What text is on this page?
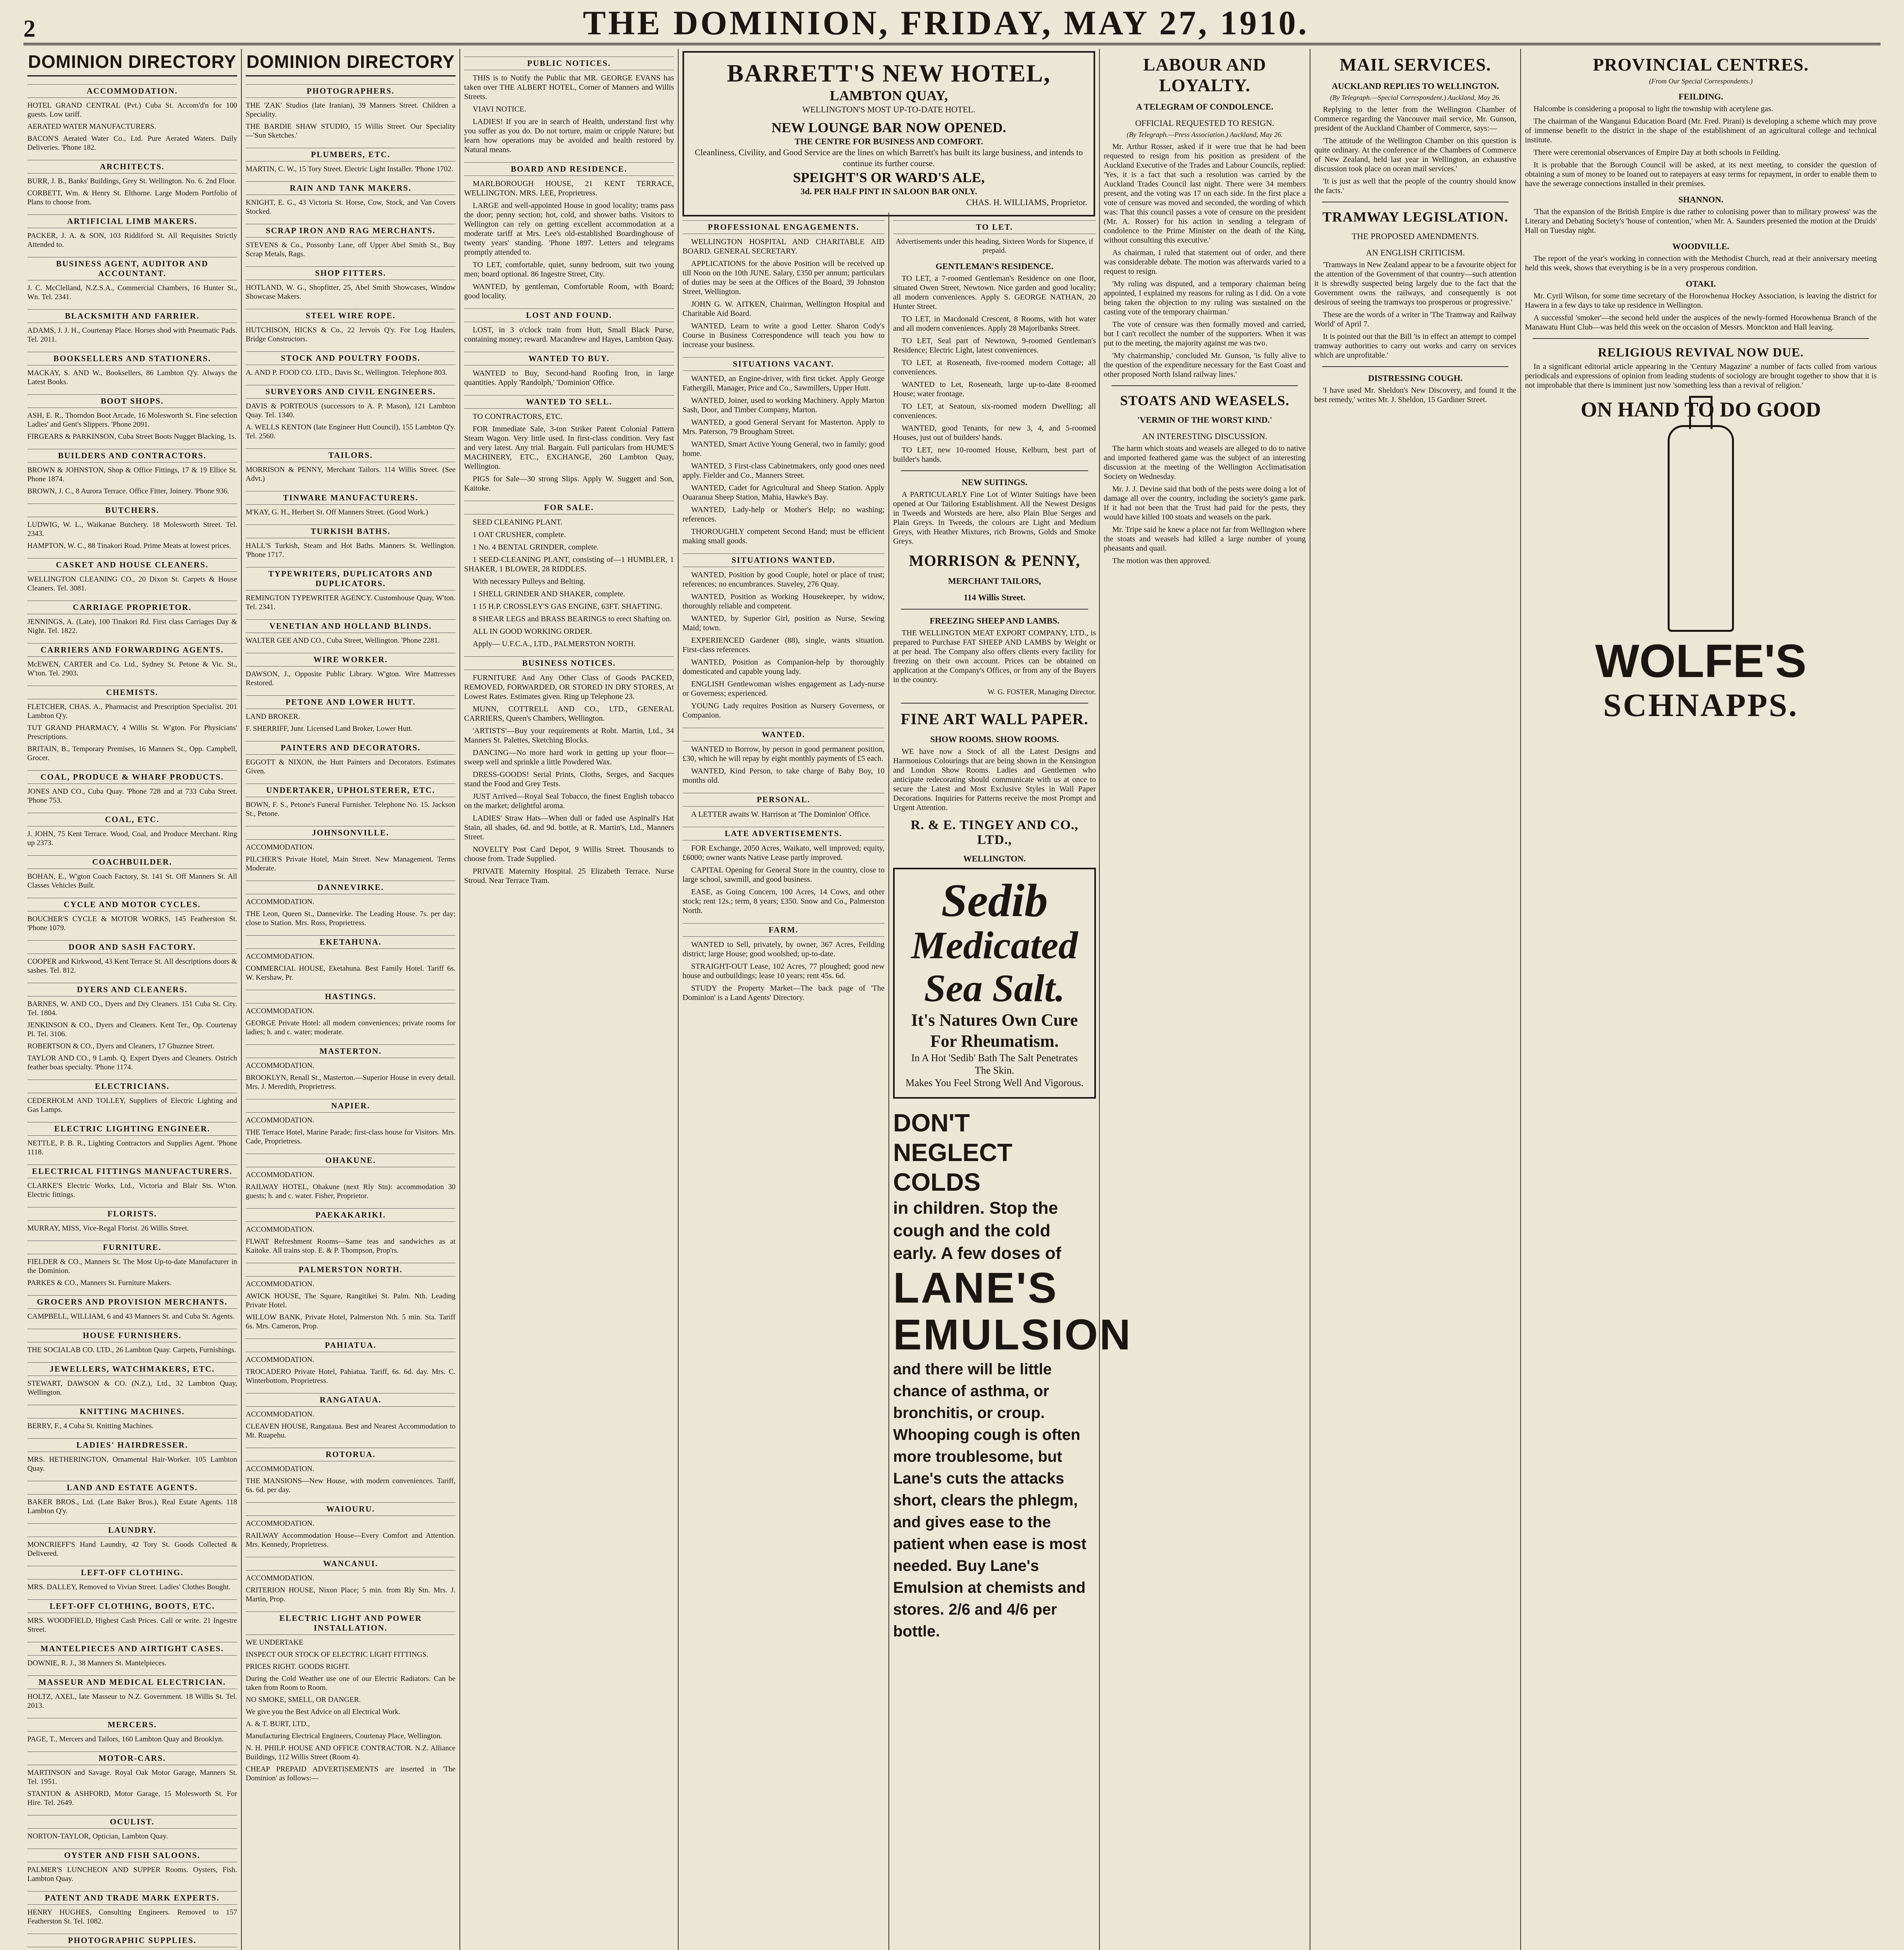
2	THE DOMINION, FRIDAY, MAY 27, 1910.
DOMINION DIRECTORY
ACCOMMODATION.
HOTEL GRAND CENTRAL (Pvt.) Cuba St. Accom'd'n for 100 guests. Low tariff.
AERATED WATER MANUFACTURERS.
BACON'S Aerated Water Co., Ltd. Pure Aerated Waters. Daily Deliveries. 'Phone 182.
ARCHITECTS.
BURR, J. B., Banks' Buildings, Grey St. Wellington. No. 6. 2nd Floor.
CORBETT, Wm. & Henry St. Elthorne. Large Modern Portfolio of Plans to choose from.
ARTIFICIAL LIMB MAKERS.
PACKER, J. A. & SON, 103 Riddiford St. All Requisites Strictly Attended to.
BUSINESS AGENT, AUDITOR AND ACCOUNTANT.
J. C. McClelland, N.Z.S.A., Commercial Chambers, 16 Hunter St., Wn. Tel. 2341.
BLACKSMITH AND FARRIER.
ADAMS, J. J. H., Courtenay Place. Horses shod with Pneumatic Pads. Tel. 2011.
BOOKSELLERS AND STATIONERS.
MACKAY, S. AND W., Booksellers, 86 Lambton Q'y. Always the Latest Books.
BOOT SHOPS.
ASH, E. R., Thorndon Boot Arcade, 16 Molesworth St. Fine selection Ladies' and Gent's Slippers. 'Phone 2091.
FIRGEARS & PARKINSON, Cuba Street Boots Nugget Blacking, 1s.
BUILDERS AND CONTRACTORS.
BROWN & JOHNSTON, Shop & Office Fittings, 17 & 19 Ellice St. Phone 1874.
BROWN, J. C., 8 Aurora Terrace. Office Fitter, Joinery. 'Phone 936.
BUTCHERS.
LUDWIG, W. L., Waikanae Butchery. 18 Molesworth Street. Tel. 2343.
HAMPTON, W. C., 88 Tinakori Road. Prime Meats at lowest prices.
CASKET AND HOUSE CLEANERS.
WELLINGTON CLEANING CO., 20 Dixon St. Carpets & House Cleaners. Tel. 3081.
CARRIAGE PROPRIETOR.
JENNINGS, A. (Late), 100 Tinakori Rd. First class Carriages Day & Night. Tel. 1822.
CARRIERS AND FORWARDING AGENTS.
McEWEN, CARTER and Co. Ltd., Sydney St. Petone & Vic. St., W'ton. Tel. 2903.
CHEMISTS.
FLETCHER, CHAS. A., Pharmacist and Prescription Specialist. 201 Lambton Q'y.
TUT GRAND PHARMACY, 4 Willis St. W'gton. For Physicians' Prescriptions.
BRITAIN, B., Temporary Premises, 16 Manners St., Opp. Campbell, Grocer.
COAL, PRODUCE & WHARF PRODUCTS.
JONES AND CO., Cuba Quay. 'Phone 728 and at 733 Cuba Street. 'Phone 753.
COAL, ETC.
J. JOHN, 75 Kent Terrace. Wood, Coal, and Produce Merchant. Ring up 2373.
COACHBUILDER.
BOHAN, E., W'gton Coach Factory, St. 141 St. Off Manners St. All Classes Vehicles Built.
CYCLE AND MOTOR CYCLES.
BOUCHER'S CYCLE & MOTOR WORKS, 145 Featherston St. 'Phone 1079.
DOOR AND SASH FACTORY.
COOPER and Kirkwood, 43 Kent Terrace St. All descriptions doors & sashes. Tel. 812.
DYERS AND CLEANERS.
BARNES, W. AND CO., Dyers and Dry Cleaners. 151 Cuba St. City. Tel. 1804.
JENKINSON & CO., Dyers and Cleaners. Kent Ter., Op. Courtenay Pl. Tel. 3106.
ROBERTSON & CO., Dyers and Cleaners, 17 Ghuznee Street.
TAYLOR AND CO., 9 Lamb. Q. Expert Dyers and Cleaners. Ostrich feather boas specialty. 'Phone 1174.
ELECTRICIANS.
CEDERHOLM AND TOLLEY, Suppliers of Electric Lighting and Gas Lamps.
ELECTRIC LIGHTING ENGINEER.
NETTLE, P. B. R., Lighting Contractors and Supplies Agent. 'Phone 1118.
ELECTRICAL FITTINGS MANUFACTURERS.
CLARKE'S Electric Works, Ltd., Victoria and Blair Sts. W'ton. Electric fittings.
FLORISTS.
MURRAY, MISS, Vice-Regal Florist. 26 Willis Street.
FURNITURE.
FIELDER & CO., Manners St. The Most Up-to-date Manufacturer in the Dominion.
PARKES & CO., Manners St. Furniture Makers.
GROCERS AND PROVISION MERCHANTS.
CAMPBELL, WILLIAM, 6 and 43 Manners St. and Cuba St. Agents.
HOUSE FURNISHERS.
THE SOCIALAB CO. LTD., 26 Lambton Quay. Carpets, Furnishings.
JEWELLERS, WATCHMAKERS, ETC.
STEWART, DAWSON & CO. (N.Z.), Ltd., 32 Lambton Quay, Wellington.
KNITTING MACHINES.
BERRY, F., 4 Cuba St. Knitting Machines.
LADIES' HAIRDRESSER.
MRS. HETHERINGTON, Ornamental Hair-Worker. 105 Lambton Quay.
LAND AND ESTATE AGENTS.
BAKER BROS., Ltd. (Late Baker Bros.), Real Estate Agents. 118 Lambton Q'y.
LAUNDRY.
MONCRIEFF'S Hand Laundry, 42 Tory St. Goods Collected & Delivered.
LEFT-OFF CLOTHING.
MRS. DALLEY, Removed to Vivian Street. Ladies' Clothes Bought.
LEFT-OFF CLOTHING, BOOTS, ETC.
MRS. WOODFIELD, Highest Cash Prices. Call or write. 21 Ingestre Street.
MANTELPIECES AND AIRTIGHT CASES.
DOWNIE, R. J., 38 Manners St. Mantelpieces.
MASSEUR AND MEDICAL ELECTRICIAN.
HOLTZ, AXEL, late Masseur to N.Z. Government. 18 Willis St. Tel. 2013.
MERCERS.
PAGE, T., Mercers and Tailors, 160 Lambton Quay and Brooklyn.
MOTOR-CARS.
MARTINSON and Savage. Royal Oak Motor Garage, Manners St. Tel. 1951.
STANTON & ASHFORD, Motor Garage, 15 Molesworth St. For Hire. Tel. 2649.
OCULIST.
NORTON-TAYLOR, Optician, Lambton Quay.
OYSTER AND FISH SALOONS.
PALMER'S LUNCHEON AND SUPPER Rooms. Oysters, Fish. Lambton Quay.
PATENT AND TRADE MARK EXPERTS.
HENRY HUGHES, Consulting Engineers. Removed to 157 Featherston St. Tel. 1082.
PHOTOGRAPHIC SUPPLIES.
DOMINION DIRECTORY
PHOTOGRAPHERS.
THE 'ZAK' Studios (late Iranian), 39 Manners Street. Children a Speciality.
THE BARDIE SHAW STUDIO, 15 Willis Street. Our Speciality—'Sun Sketches.'
PLUMBERS, ETC.
MARTIN, C. W., 15 Tory Street. Electric Light Installer. 'Phone 1702.
RAIN AND TANK MAKERS.
KNIGHT, E. G., 43 Victoria St. Horse, Cow, Stock, and Van Covers Stocked.
SCRAP IRON AND RAG MERCHANTS.
STEVENS & Co., Possonby Lane, off Upper Abel Smith St., Buy Scrap Metals, Rags.
SHOP FITTERS.
HOTLAND, W. G., Shopfitter, 25, Abel Smith Showcases, Window Showcase Makers.
STEEL WIRE ROPE.
HUTCHISON, HICKS & Co., 22 Jervois Q'y. For Log Haulers, Bridge Constructors.
STOCK AND POULTRY FOODS.
A. AND P. FOOD CO. LTD., Davis St., Wellington. Telephone 803.
SURVEYORS AND CIVIL ENGINEERS.
DAVIS & PORTEOUS (successors to A. P. Mason), 121 Lambton Quay. Tel. 1340.
A. WELLS KENTON (late Engineer Hutt Council), 155 Lambton Q'y. Tel. 2560.
TAILORS.
MORRISON & PENNY, Merchant Tailors. 114 Willis Street. (See Advt.)
TINWARE MANUFACTURERS.
M'KAY, G. H., Herbert St. Off Manners Street. (Good Work.)
TURKISH BATHS.
HALL'S Turkish, Steam and Hot Baths. Manners St. Wellington. 'Phone 1717.
TYPEWRITERS, DUPLICATORS AND DUPLICATORS.
REMINGTON TYPEWRITER AGENCY. Customhouse Quay, W'ton. Tel. 2341.
VENETIAN AND HOLLAND BLINDS.
WALTER GEE AND CO., Cuba Street, Wellington. 'Phone 2281.
WIRE WORKER.
DAWSON, J., Opposite Public Library. W'gton. Wire Mattresses Restored.
PETONE AND LOWER HUTT.
LAND BROKER.
F. SHERRIFF, Junr. Licensed Land Broker, Lower Hutt.
PAINTERS AND DECORATORS.
EGGOTT & NIXON, the Hutt Painters and Decorators. Estimates Given.
UNDERTAKER, UPHOLSTERER, ETC.
BOWN, F. S., Petone's Funeral Furnisher. Telephone No. 15. Jackson St., Petone.
JOHNSONVILLE.
ACCOMMODATION.
PILCHER'S Private Hotel, Main Street. New Management. Terms Moderate.
DANNEVIRKE.
ACCOMMODATION.
THE Leon, Queen St., Dannevirke. The Leading House. 7s. per day; close to Station. Mrs. Ross, Proprietress.
EKETAHUNA.
ACCOMMODATION.
COMMERCIAL HOUSE, Eketahuna. Best Family Hotel. Tariff 6s. W. Kershaw, Pr.
HASTINGS.
ACCOMMODATION.
GEORGE Private Hotel: all modern conveniences; private rooms for ladies; h. and c. water; moderate.
MASTERTON.
ACCOMMODATION.
BROOKLYN, Renall St., Masterton.—Superior House in every detail. Mrs. J. Meredith, Proprietress.
NAPIER.
ACCOMMODATION.
THE Terrace Hotel, Marine Parade; first-class house for Visitors. Mrs. Cade, Proprietress.
OHAKUNE.
ACCOMMODATION.
RAILWAY HOTEL, Ohakune (next Rly Stn): accommodation 30 guests; h. and c. water. Fisher, Proprietor.
PAEKAKARIKI.
ACCOMMODATION.
FLWAT Refreshment Rooms—Same teas and sandwiches as at Kaitoke. All trains stop. E. & P. Thompson, Prop'rs.
PALMERSTON NORTH.
ACCOMMODATION.
AWICK HOUSE, The Square, Rangitikei St. Palm. Nth. Leading Private Hotel.
WILLOW BANK, Private Hotel, Palmerston Nth. 5 min. Sta. Tariff 6s. Mrs. Cameron, Prop.
PAHIATUA.
ACCOMMODATION.
TROCADERO Private Hotel, Pahiatua. Tariff, 6s. 6d. day. Mrs. C. Winterbottom, Proprietress.
RANGATAUA.
ACCOMMODATION.
CLEAVEN HOUSE, Rangataua. Best and Nearest Accommodation to Mt. Ruapehu.
ROTORUA.
ACCOMMODATION.
THE MANSIONS—New House, with modern conveniences. Tariff, 6s. 6d. per day.
WAIOURU.
ACCOMMODATION.
RAILWAY Accommodation House—Every Comfort and Attention. Mrs. Kennedy, Proprietress.
WANCANUI.
ACCOMMODATION.
CRITERION HOUSE, Nixon Place; 5 min. from Rly Stn. Mrs. J. Martin, Prop.
ELECTRIC LIGHT AND POWER INSTALLATION.
WE UNDERTAKE
INSPECT OUR STOCK OF ELECTRIC LIGHT FITTINGS.
PRICES RIGHT. GOODS RIGHT.
During the Cold Weather use one of our Electric Radiators. Can be taken from Room to Room.
NO SMOKE, SMELL, OR DANGER.
We give you the Best Advice on all Electrical Work.
A. & T. BURT, LTD.,
Manufacturing Electrical Engineers, Courtenay Place, Wellington.
N. H. PHILP. HOUSE AND OFFICE CONTRACTOR. N.Z. Alliance Buildings, 112 Willis Street (Room 4).
CHEAP PREPAID ADVERTISEMENTS are inserted in 'The Dominion' as follows:—
PUBLIC NOTICES.
THIS is to Notify the Public that MR. GEORGE EVANS has taken over THE ALBERT HOTEL, Corner of Manners and Willis Streets.
VIAVI NOTICE.
LADIES! If you are in search of Health, understand first why you suffer as you do. Do not torture, maim or cripple Nature; but learn how operations may be avoided and health restored by Natural means.
BOARD AND RESIDENCE.
MARLBOROUGH HOUSE, 21 KENT TERRACE, WELLINGTON. MRS. LEE, Proprietress.
LARGE and well-appointed House in good locality; trams pass the door; penny section; hot, cold, and shower baths. Visitors to Wellington can rely on getting excellent accommodation at a moderate tariff at Mrs. Lee's old-established Boardinghouse of twenty years' standing. 'Phone 1897. Letters and telegrams promptly attended to.
TO LET, comfortable, quiet, sunny bedroom, suit two young men; board optional. 86 Ingestre Street, City.
WANTED, by gentleman, Comfortable Room, with Board; good locality.
LOST AND FOUND.
LOST, in 3 o'clock train from Hutt, Small Black Purse, containing money; reward. Macandrew and Hayes, Lambton Quay.
WANTED TO BUY.
WANTED to Buy, Second-hand Roofing Iron, in large quantities. Apply 'Randolph,' 'Dominion' Office.
WANTED TO SELL.
TO CONTRACTORS, ETC.
FOR Immediate Sale, 3-ton Striker Patent Colonial Pattern Steam Wagon. Very little used. In first-class condition. Very fast and very latest. Any trial. Bargain. Full particulars from HUME'S MACHINERY, ETC., EXCHANGE, 260 Lambton Quay, Wellington.
PIGS for Sale—30 strong Slips. Apply W. Suggett and Son, Kaitoke.
FOR SALE.
SEED CLEANING PLANT.
1 OAT CRUSHER, complete.
1 No. 4 BENTAL GRINDER, complete.
1 SEED-CLEANING PLANT, consisting of—1 HUMBLER, 1 SHAKER, 1 BLOWER, 28 RIDDLES.
With necessary Pulleys and Belting.
1 SHELL GRINDER AND SHAKER, complete.
1 15 H.P. CROSSLEY'S GAS ENGINE, 63FT. SHAFTING.
8 SHEAR LEGS and BRASS BEARINGS to erect Shafting on.
ALL IN GOOD WORKING ORDER.
Apply— U.F.C.A., LTD., PALMERSTON NORTH.
BUSINESS NOTICES.
FURNITURE And Any Other Class of Goods PACKED, REMOVED, FORWARDED, OR STORED IN DRY STORES, At Lowest Rates. Estimates given. Ring up Telephone 23.
MUNN, COTTRELL AND CO., LTD., GENERAL CARRIERS, Queen's Chambers, Wellington.
'ARTISTS'—Buy your requirements at Robt. Martin, Ltd., 34 Manners St. Palettes, Sketching Blocks.
DANCING—No more hard work in getting up your floor—sweep well and sprinkle a little Powdered Wax.
DRESS-GOODS! Serial Prints, Cloths, Serges, and Sacques stand the Food and Grey Tests.
JUST Arrived—Royal Seal Tobacco, the finest English tobacco on the market; delightful aroma.
LADIES' Straw Hats—When dull or faded use Aspinall's Hat Stain, all shades, 6d. and 9d. bottle, at R. Martin's, Ltd., Manners Street.
NOVELTY Post Card Depot, 9 Willis Street. Thousands to choose from. Trade Supplied.
PRIVATE Maternity Hospital. 25 Elizabeth Terrace. Nurse Stroud. Near Terrace Tram.
BARRETT'S NEW HOTEL,
LAMBTON QUAY,
WELLINGTON'S MOST UP-TO-DATE HOTEL.
NEW LOUNGE BAR NOW OPENED.
THE CENTRE FOR BUSINESS AND COMFORT.
Cleanliness, Civility, and Good Service are the lines on which Barrett's has built its large business, and intends to continue its further course.
SPEIGHT'S OR WARD'S ALE,
3d. PER HALF PINT IN SALOON BAR ONLY.
CHAS. H. WILLIAMS, Proprietor.
PROFESSIONAL ENGAGEMENTS.
WELLINGTON HOSPITAL AND CHARITABLE AID BOARD. GENERAL SECRETARY.
APPLICATIONS for the above Position will be received up till Noon on the 10th JUNE. Salary, £350 per annum; particulars of duties may be seen at the Offices of the Board, 39 Johnston Street, Wellington.
JOHN G. W. AITKEN, Chairman, Wellington Hospital and Charitable Aid Board.
WANTED, Learn to write a good Letter. Sharon Cody's Course in Business Correspondence will teach you how to increase your business.
SITUATIONS VACANT.
WANTED, an Engine-driver, with first ticket. Apply George Fathergill, Manager, Price and Co., Sawmillers, Upper Hutt.
WANTED, Joiner, used to working Machinery. Apply Marton Sash, Door, and Timber Company, Marton.
WANTED, a good General Servant for Masterton. Apply to Mrs. Paterson, 79 Brougham Street.
WANTED, Smart Active Young General, two in family; good home.
WANTED, 3 First-class Cabinetmakers, only good ones need apply. Fielder and Co., Manners Street.
WANTED, Cadet for Agricultural and Sheep Station. Apply Ouaranua Sheep Station, Mahia, Hawke's Bay.
WANTED, Lady-help or Mother's Help; no washing; references.
THOROUGHLY competent Second Hand; must be efficient making small goods.
SITUATIONS WANTED.
WANTED, Position by good Couple, hotel or place of trust; references; no encumbrances. Staveley, 276 Quay.
WANTED, Position as Working Housekeeper, by widow, thoroughly reliable and competent.
WANTED, by Superior Girl, position as Nurse, Sewing Maid; town.
EXPERIENCED Gardener (88), single, wants situation. First-class references.
WANTED, Position as Companion-help by thoroughly domesticated and capable young lady.
ENGLISH Gentlewoman wishes engagement as Lady-nurse or Governess; experienced.
YOUNG Lady requires Position as Nursery Governess, or Companion.
WANTED.
WANTED to Borrow, by person in good permanent position, £30, which he will repay by eight monthly payments of £5 each.
WANTED, Kind Person, to take charge of Baby Boy, 10 months old.
PERSONAL.
A LETTER awaits W. Harrison at 'The Dominion' Office.
LATE ADVERTISEMENTS.
FOR Exchange, 2050 Acres, Waikato, well improved; equity, £6000; owner wants Native Lease partly improved.
CAPITAL Opening for General Store in the country, close to large school, sawmill, and good business.
EASE, as Going Concern, 100 Acres, 14 Cows, and other stock; rent 12s.; term, 8 years; £350. Snow and Co., Palmerston North.
FARM.
WANTED to Sell, privately, by owner, 367 Acres, Feilding district; large House; good woolshed; up-to-date.
STRAIGHT-OUT Lease, 102 Acres, 77 ploughed; good new house and outbuildings; lease 10 years; rent 45s. 6d.
STUDY the Property Market—The back page of 'The Dominion' is a Land Agents' Directory.
TO LET.
Advertisements under this heading, Sixteen Words for Sixpence, if prepaid.
GENTLEMAN'S RESIDENCE.
TO LET, a 7-roomed Gentleman's Residence on one floor, situated Owen Street, Newtown. Nice garden and good locality; all modern conveniences. Apply S. GEORGE NATHAN, 20 Hunter Street.
TO LET, in Macdonald Crescent, 8 Rooms, with hot water and all modern conveniences. Apply 28 Majoribanks Street.
TO LET, Seal part of Newtown, 9-roomed Gentleman's Residence; Electric Light, latest conveniences.
TO LET, at Roseneath, five-roomed modern Cottage; all conveniences.
WANTED to Let, Roseneath, large up-to-date 8-roomed House; water frontage.
TO LET, at Seatoun, six-roomed modern Dwelling; all conveniences.
WANTED, good Tenants, for new 3, 4, and 5-roomed Houses, just out of builders' hands.
TO LET, new 10-roomed House, Kelburn, best part of builder's hands.
NEW SUITINGS.
A PARTICULARLY Fine Lot of Winter Suitings have been opened at Our Tailoring Establishment. All the Newest Designs in Tweeds and Worsteds are here, also Plain Blue Serges and Plain Greys. In Tweeds, the colours are Light and Medium Greys, with Heather Mixtures, rich Browns, Golds and Smoke Greys.
MORRISON & PENNY,
MERCHANT TAILORS,
114 Willis Street.
FREEZING SHEEP AND LAMBS.
THE WELLINGTON MEAT EXPORT COMPANY, LTD., is prepared to Purchase FAT SHEEP AND LAMBS by Weight or at per head. The Company also offers clients every facility for freezing on their own account. Prices can be obtained on application at the Company's Offices, or from any of the Buyers in the country.
W. G. FOSTER, Managing Director.
FINE ART WALL PAPER.
SHOW ROOMS. SHOW ROOMS.
WE have now a Stock of all the Latest Designs and Harmonious Colourings that are being shown in the Kensington and London Show Rooms. Ladies and Gentlemen who anticipate redecorating should communicate with us at once to secure the Latest and Most Exclusive Styles in Wall Paper Decorations. Inquiries for Patterns receive the most Prompt and Urgent Attention.
R. & E. TINGEY AND CO., LTD.,
WELLINGTON.
Sedib
Medicated
Sea Salt.
It's Natures Own Cure For Rheumatism.
In A Hot 'Sedib' Bath The Salt Penetrates The Skin.
Makes You Feel Strong Well And Vigorous.
DON'T NEGLECT COLDS
in children. Stop the cough and the cold early. A few doses of
LANE'S
EMULSION
and there will be little chance of asthma, or bronchitis, or croup. Whooping cough is often more troublesome, but Lane's cuts the attacks short, clears the phlegm, and gives ease to the patient when ease is most needed. Buy Lane's Emulsion at chemists and stores. 2/6 and 4/6 per bottle.
LABOUR AND LOYALTY.
A TELEGRAM OF CONDOLENCE.
OFFICIAL REQUESTED TO RESIGN.
(By Telegraph.—Press Association.) Auckland, May 26.
Mr. Arthur Rosser, asked if it were true that he had been requested to resign from his position as president of the Auckland Executive of the Trades and Labour Councils, replied: 'Yes, it is a fact that such a resolution was carried by the Auckland Trades Council last night. There were 34 members present, and the voting was 17 on each side. In the first place a vote of censure was moved and seconded, the wording of which was: That this council passes a vote of censure on the president (Mr. A. Rosser) for his action in sending a telegram of condolence to the Prime Minister on the death of the King, without consulting this executive.'
As chairman, I ruled that statement out of order, and there was considerable debate. The motion was afterwards varied to a request to resign.
'My ruling was disputed, and a temporary chairman being appointed, I explained my reasons for ruling as I did. On a vote being taken the objection to my ruling was sustained on the casting vote of the temporary chairman.'
The vote of censure was then formally moved and carried, but I can't recollect the number of the supporters. When it was put to the meeting, the majority against me was two.
'My chairmanship,' concluded Mr. Gunson, 'is fully alive to the question of the expenditure necessary for the East Coast and other proposed North Island railway lines.'
STOATS AND WEASELS.
'VERMIN OF THE WORST KIND.'
AN INTERESTING DISCUSSION.
The harm which stoats and weasels are alleged to do to native and imported feathered game was the subject of an interesting discussion at the meeting of the Wellington Acclimatisation Society on Wednesday.
Mr. J. J. Devine said that both of the pests were doing a lot of damage all over the country, including the society's game park. If it had not been that the Trust had paid for the pests, they would have killed 100 stoats and weasels on the park.
Mr. Tripe said he knew a place not far from Wellington where the stoats and weasels had killed a large number of young pheasants and quail.
The motion was then approved.
MAIL SERVICES.
AUCKLAND REPLIES TO WELLINGTON.
(By Telegraph.—Special Correspondent.) Auckland, May 26.
Replying to the letter from the Wellington Chamber of Commerce regarding the Vancouver mail service, Mr. Gunson, president of the Auckland Chamber of Commerce, says:—
'The attitude of the Wellington Chamber on this question is quite ordinary. At the conference of the Chambers of Commerce of New Zealand, held last year in Wellington, an exhaustive discussion took place on ocean mail services.'
'It is just as well that the people of the country should know the facts.'
TRAMWAY LEGISLATION.
THE PROPOSED AMENDMENTS.
AN ENGLISH CRITICISM.
'Tramways in New Zealand appear to be a favourite object for the attention of the Government of that country—such attention it is shrewdly suspected being largely due to the fact that the Government owns the railways, and consequently is not desirous of seeing the tramways too prosperous or progressive.'
These are the words of a writer in 'The Tramway and Railway World' of April 7.
It is pointed out that the Bill 'is in effect an attempt to compel tramway authorities to carry out works and carry on services which are unprofitable.'
DISTRESSING COUGH.
'I have used Mr. Sheldon's New Discovery, and found it the best remedy,' writes Mr. J. Sheldon, 15 Gardiner Street.
PROVINCIAL CENTRES.
(From Our Special Correspondents.)
FEILDING.
Halcombe is considering a proposal to light the township with acetylene gas.
The chairman of the Wanganui Education Board (Mr. Fred. Pirani) is developing a scheme which may prove of immense benefit to the district in the shape of the establishment of an agricultural college and technical institute.
There were ceremonial observances of Empire Day at both schools in Feilding.
It is probable that the Borough Council will be asked, at its next meeting, to consider the question of obtaining a sum of money to be loaned out to ratepayers at easy terms for repayment, in order to enable them to have the sewerage connections installed in their premises.
SHANNON.
'That the expansion of the British Empire is due rather to colonising power than to military prowess' was the Literary and Debating Society's 'house of contention,' when Mr. A. Saunders presented the motion at the Druids' Hall on Tuesday night.
WOODVILLE.
The report of the year's working in connection with the Methodist Church, read at their anniversary meeting held this week, shows that everything is be in a very prosperous condition.
OTAKI.
Mr. Cyril Wilson, for some time secretary of the Horowhenua Hockey Association, is leaving the district for Hawera in a few days to take up residence in Wellington.
A successful 'smoker'—the second held under the auspices of the newly-formed Horowhenua Branch of the Manawatu Hunt Club—was held this week on the occasion of Messrs. Monckton and Hall leaving.
RELIGIOUS REVIVAL NOW DUE.
In a significant editorial article appearing in the 'Century Magazine' a number of facts culled from various periodicals and expressions of opinion from leading students of sociology are brought together to show that it is not improbable that there is imminent just now 'something less than a revival of religion.'
ON HAND TO DO GOOD
WOLFE'S
SCHNAPPS.
